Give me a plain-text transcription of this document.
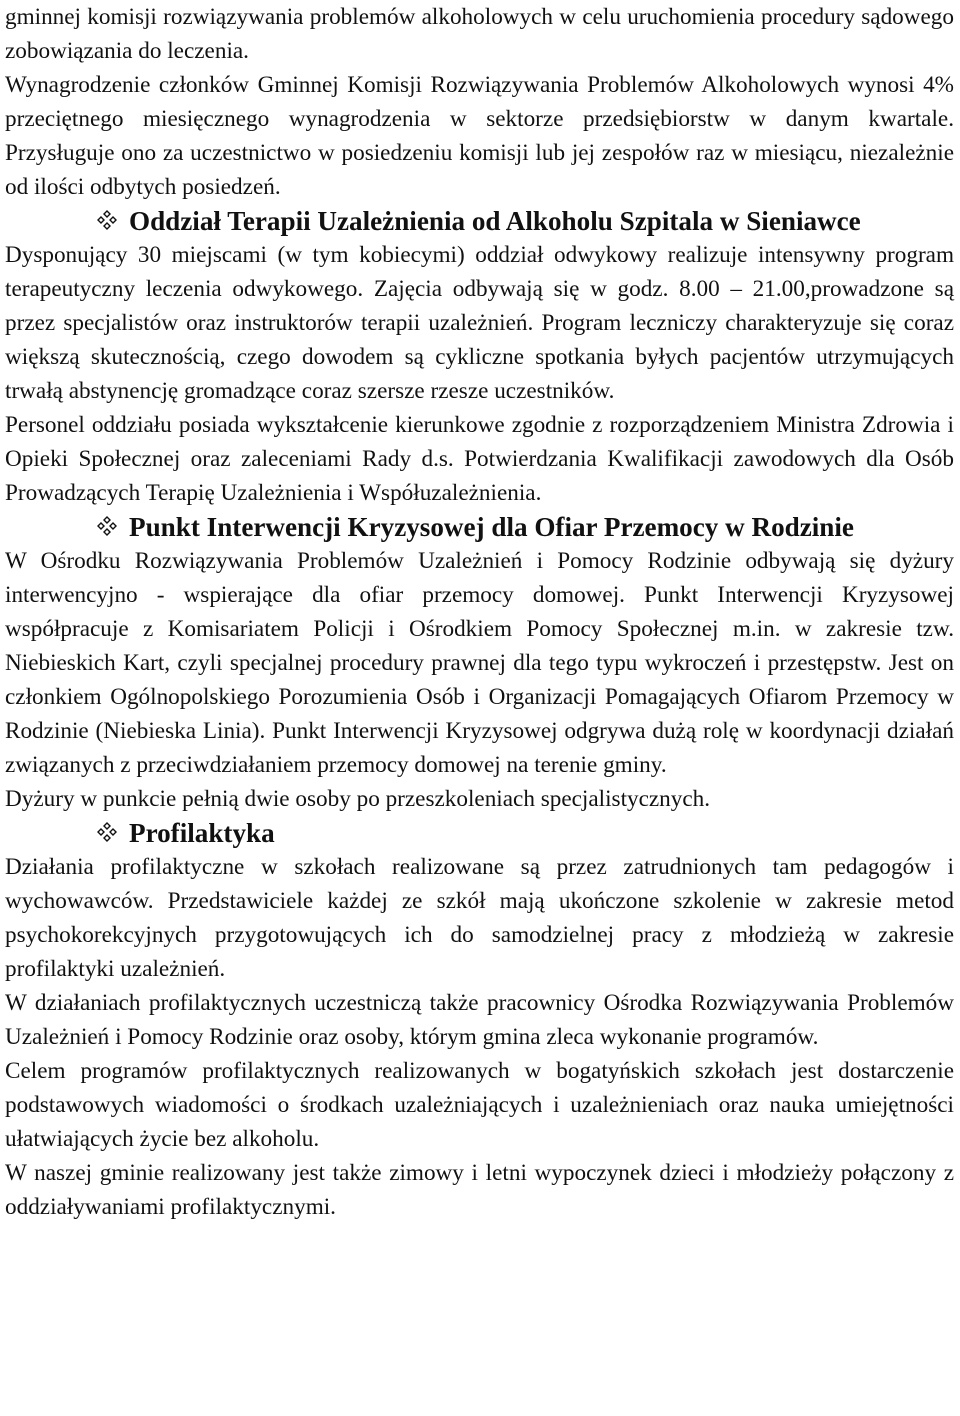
gminnej komisji rozwiązywania problemów alkoholowych w celu uruchomienia procedury sądowego zobowiązania do leczenia.

Wynagrodzenie członków Gminnej Komisji Rozwiązywania Problemów Alkoholowych wynosi 4% przeciętnego miesięcznego wynagrodzenia w sektorze przedsiębiorstw w danym kwartale. Przysługuje ono za uczestnictwo w posiedzeniu komisji lub jej zespołów raz w miesiącu, niezależnie od ilości odbytych posiedzeń.

Oddział Terapii Uzależnienia od Alkoholu Szpitala w Sieniawce

Dysponujący 30 miejscami (w tym kobiecymi) oddział odwykowy realizuje intensywny program terapeutyczny leczenia odwykowego. Zajęcia odbywają się w godz. 8.00 – 21.00,prowadzone są przez specjalistów oraz instruktorów terapii uzależnień. Program leczniczy charakteryzuje się coraz większą skutecznością, czego dowodem są cykliczne spotkania byłych pacjentów utrzymujących trwałą abstynencję gromadzące coraz szersze rzesze uczestników.

Personel oddziału posiada wykształcenie kierunkowe zgodnie z rozporządzeniem Ministra Zdrowia i Opieki Społecznej oraz zaleceniami Rady d.s. Potwierdzania Kwalifikacji zawodowych dla Osób Prowadzących Terapię Uzależnienia i Współuzależnienia.

Punkt Interwencji Kryzysowej dla Ofiar Przemocy w Rodzinie

W Ośrodku Rozwiązywania Problemów Uzależnień i Pomocy Rodzinie odbywają się dyżury interwencyjno - wspierające dla ofiar przemocy domowej. Punkt Interwencji Kryzysowej współpracuje z Komisariatem Policji i Ośrodkiem Pomocy Społecznej m.in. w zakresie tzw. Niebieskich Kart, czyli specjalnej procedury prawnej dla tego typu wykroczeń i przestępstw. Jest on członkiem Ogólnopolskiego Porozumienia Osób i Organizacji Pomagających Ofiarom Przemocy w Rodzinie (Niebieska Linia). Punkt Interwencji Kryzysowej odgrywa dużą rolę w koordynacji działań związanych z przeciwdziałaniem przemocy domowej na terenie gminy.

Dyżury w punkcie pełnią dwie osoby po przeszkoleniach specjalistycznych.

Profilaktyka

Działania profilaktyczne w szkołach realizowane są przez zatrudnionych tam pedagogów i wychowawców. Przedstawiciele każdej ze szkół mają ukończone szkolenie w zakresie metod psychokorekcyjnych przygotowujących ich do samodzielnej pracy z młodzieżą w zakresie profilaktyki uzależnień.

W działaniach profilaktycznych uczestniczą także pracownicy Ośrodka Rozwiązywania Problemów Uzależnień i Pomocy Rodzinie oraz osoby, którym gmina zleca wykonanie programów.

Celem programów profilaktycznych realizowanych w bogatyńskich szkołach jest dostarczenie podstawowych wiadomości o środkach uzależniających i uzależnieniach oraz nauka umiejętności ułatwiających życie bez alkoholu.

W naszej gminie realizowany jest także zimowy i letni wypoczynek dzieci i młodzieży połączony z oddziaływaniami profilaktycznymi.
